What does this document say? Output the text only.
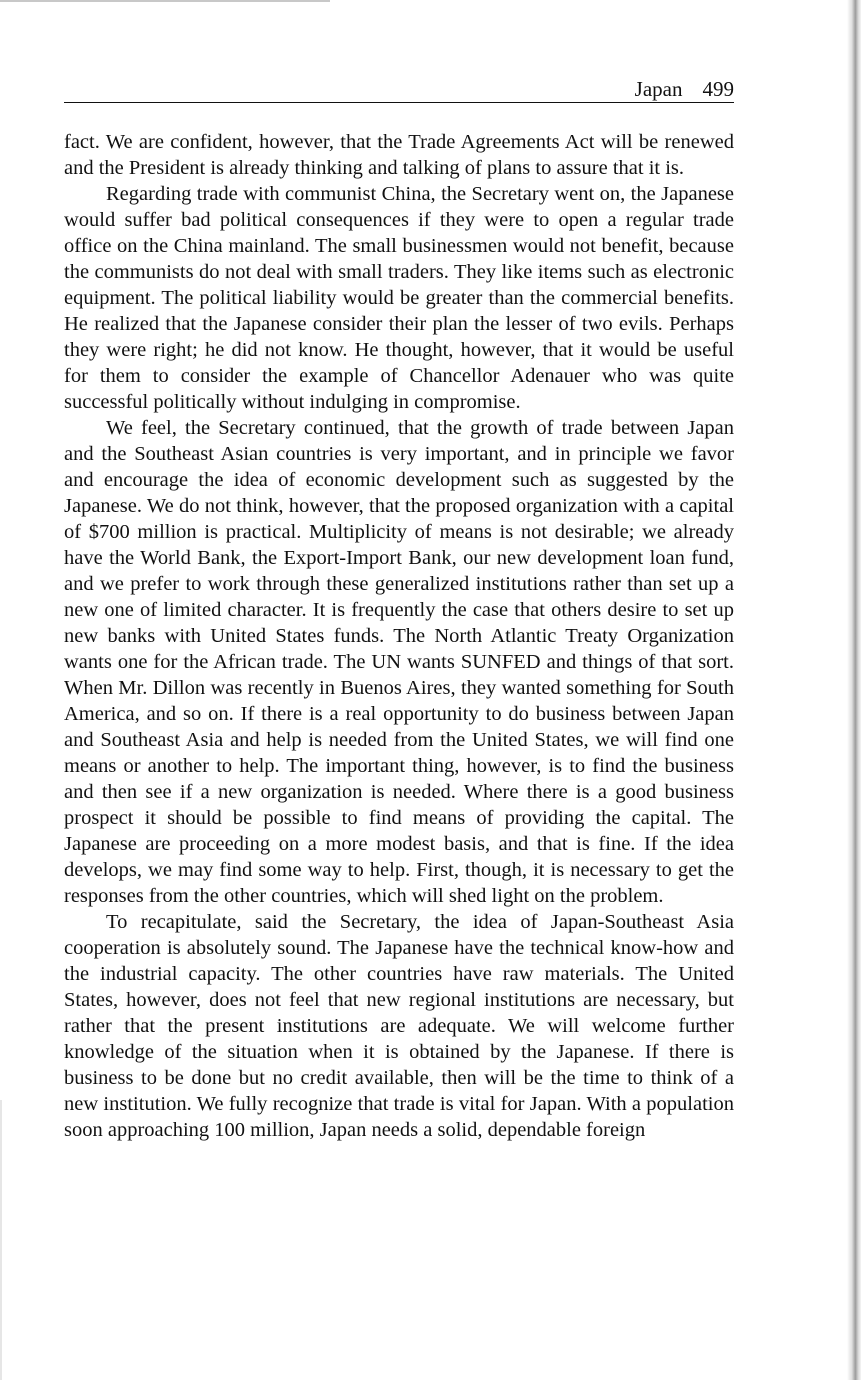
Japan 499

fact. We are confident, however, that the Trade Agreements Act will be renewed and the President is already thinking and talking of plans to assure that it is.

Regarding trade with communist China, the Secretary went on, the Japanese would suffer bad political consequences if they were to open a regular trade office on the China mainland. The small businessmen would not benefit, because the communists do not deal with small traders. They like items such as electronic equipment. The political liability would be greater than the commercial benefits. He realized that the Japanese consider their plan the lesser of two evils. Perhaps they were right; he did not know. He thought, however, that it would be useful for them to consider the example of Chancellor Adenauer who was quite successful politically without indulging in compromise.

We feel, the Secretary continued, that the growth of trade between Japan and the Southeast Asian countries is very important, and in principle we favor and encourage the idea of economic development such as suggested by the Japanese. We do not think, however, that the proposed organization with a capital of $700 million is practical. Multiplicity of means is not desirable; we already have the World Bank, the Export-Import Bank, our new development loan fund, and we prefer to work through these generalized institutions rather than set up a new one of limited character. It is frequently the case that others desire to set up new banks with United States funds. The North Atlantic Treaty Organization wants one for the African trade. The UN wants SUNFED and things of that sort. When Mr. Dillon was recently in Buenos Aires, they wanted something for South America, and so on. If there is a real opportunity to do business between Japan and Southeast Asia and help is needed from the United States, we will find one means or another to help. The important thing, however, is to find the business and then see if a new organization is needed. Where there is a good business prospect it should be possible to find means of providing the capital. The Japanese are proceeding on a more modest basis, and that is fine. If the idea develops, we may find some way to help. First, though, it is necessary to get the responses from the other countries, which will shed light on the problem.

To recapitulate, said the Secretary, the idea of Japan-Southeast Asia cooperation is absolutely sound. The Japanese have the technical know-how and the industrial capacity. The other countries have raw materials. The United States, however, does not feel that new regional institutions are necessary, but rather that the present institutions are adequate. We will welcome further knowledge of the situation when it is obtained by the Japanese. If there is business to be done but no credit available, then will be the time to think of a new institution. We fully recognize that trade is vital for Japan. With a population soon approaching 100 million, Japan needs a solid, dependable foreign
